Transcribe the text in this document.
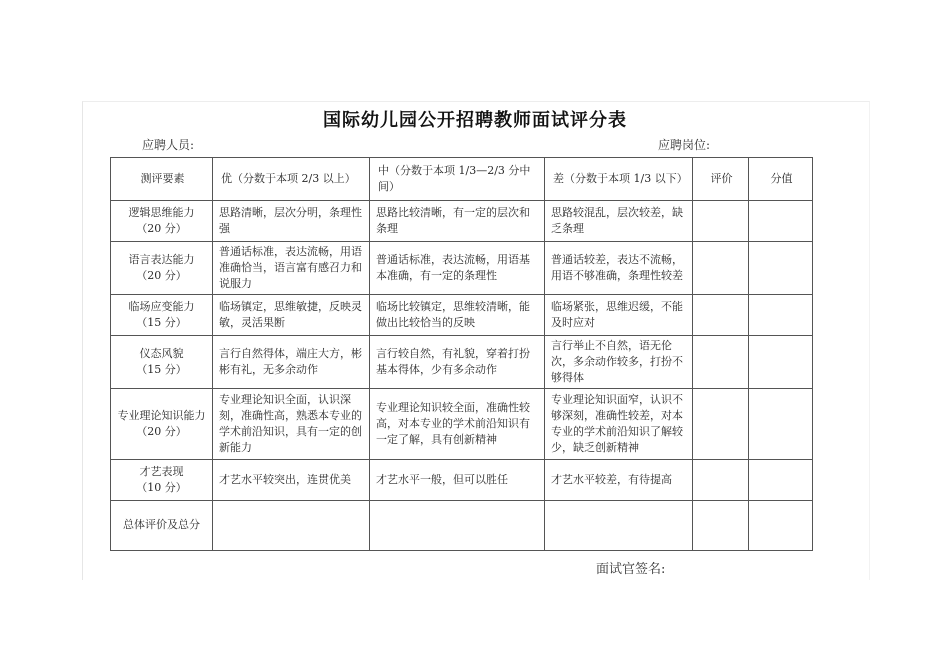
国际幼儿园公开招聘教师面试评分表
应聘人员:	应聘岗位:
测评要素	优（分数于本项 2/3 以上）	中（分数于本项 1/3—2/3 分中间）	差（分数于本项 1/3 以下）	评价	分值

逻辑思维能力
（20 分）	思路清晰，层次分明，条理性强	思路比较清晰，有一定的层次和条理	思路较混乱，层次较差，缺乏条理		

语言表达能力
（20 分）	普通话标准，表达流畅，用语准确恰当，语言富有感召力和说服力	普通话标准，表达流畅，用语基本准确，有一定的条理性	普通话较差，表达不流畅，用语不够准确，条理性较差		

临场应变能力
（15 分）	临场镇定，思维敏捷，反映灵敏，灵活果断	临场比较镇定，思维较清晰，能做出比较恰当的反映	临场紧张，思维迟缓，不能及时应对		

仪态风貌
（15 分）	言行自然得体，端庄大方，彬彬有礼，无多余动作	言行较自然，有礼貌，穿着打扮基本得体，少有多余动作	言行举止不自然，语无伦次，多余动作较多，打扮不够得体		

专业理论知识能力
（20 分）	专业理论知识全面，认识深刻，准确性高，熟悉本专业的学术前沿知识，具有一定的创新能力	专业理论知识较全面，准确性较高，对本专业的学术前沿知识有一定了解，具有创新精神	专业理论知识面窄，认识不够深刻，准确性较差，对本专业的学术前沿知识了解较少，缺乏创新精神		

才艺表现
（10 分）	才艺水平较突出，连贯优美	才艺水平一般，但可以胜任	才艺水平较差，有待提高		
总体评价及总分					
面试官签名:
